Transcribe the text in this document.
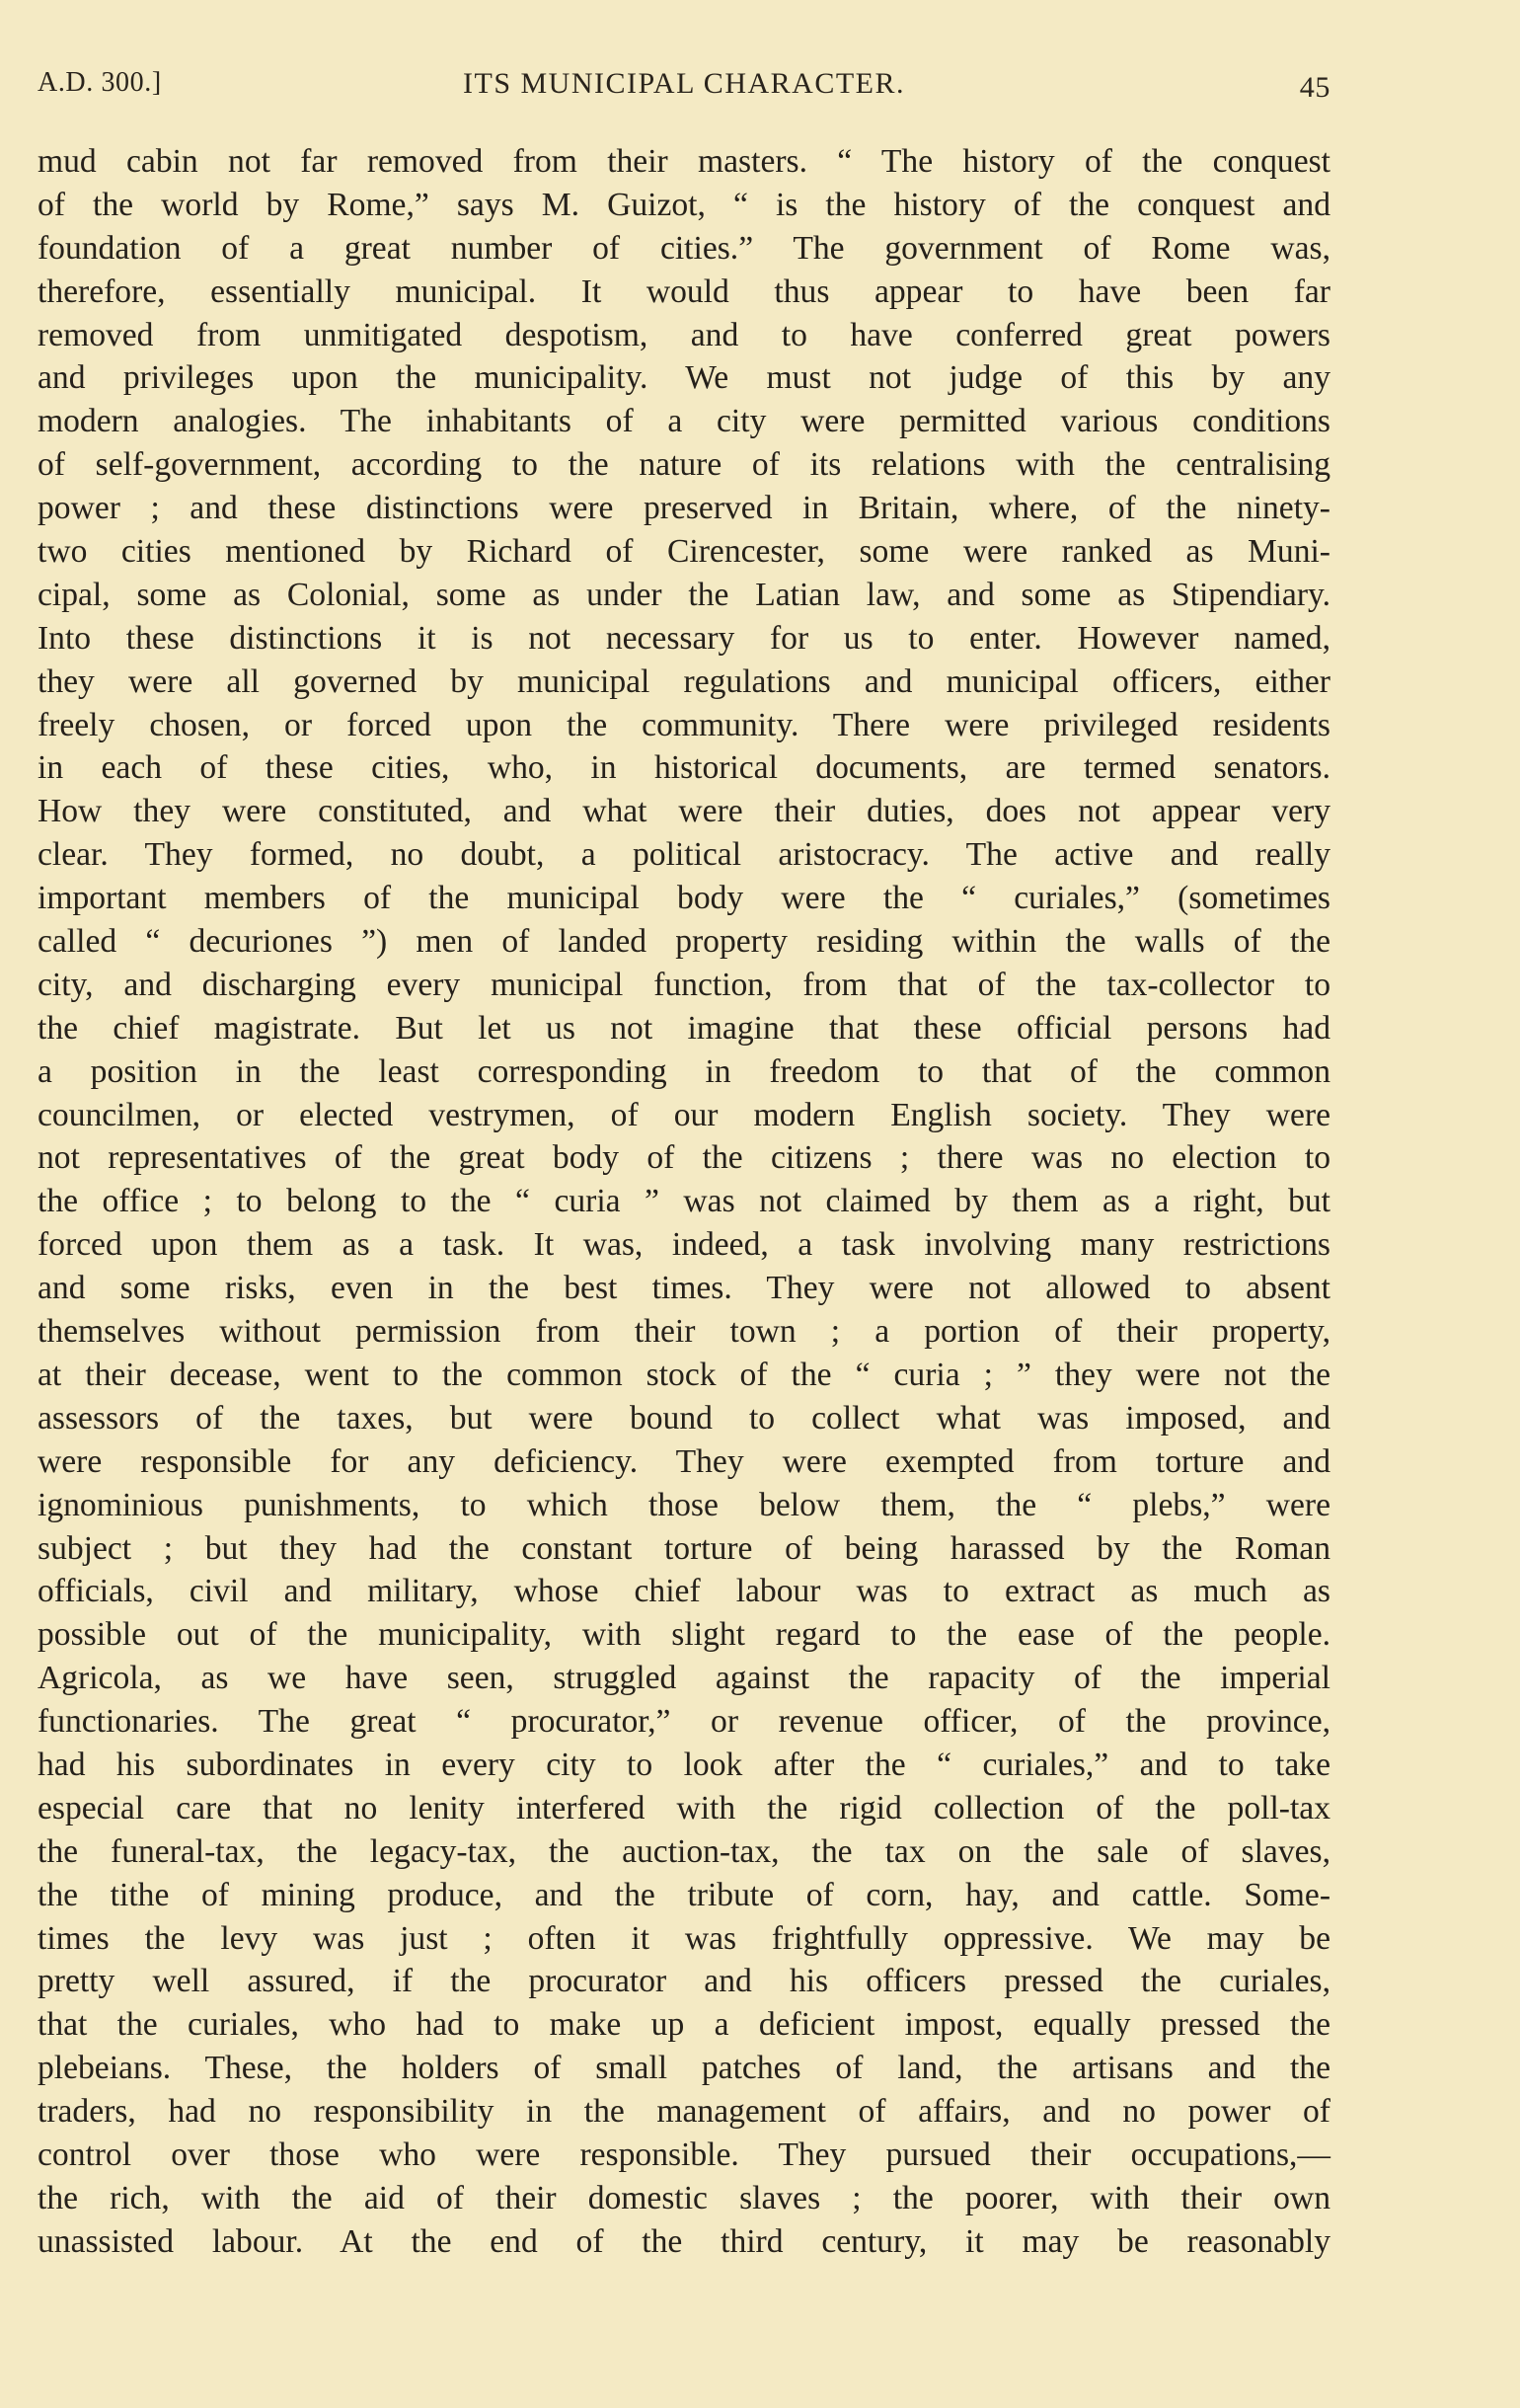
A.D. 300.]	ITS MUNICIPAL CHARACTER.	45
mud cabin not far removed from their masters. “ The history of the conquest
of the world by Rome,” says M. Guizot, “ is the history of the conquest and
foundation of a great number of cities.” The government of Rome was,
therefore, essentially municipal. It would thus appear to have been far
removed from unmitigated despotism, and to have conferred great powers
and privileges upon the municipality. We must not judge of this by any
modern analogies. The inhabitants of a city were permitted various conditions
of self-government, according to the nature of its relations with the centralising
power ; and these distinctions were preserved in Britain, where, of the ninety-
two cities mentioned by Richard of Cirencester, some were ranked as Muni-
cipal, some as Colonial, some as under the Latian law, and some as Stipendiary.
Into these distinctions it is not necessary for us to enter. However named,
they were all governed by municipal regulations and municipal officers, either
freely chosen, or forced upon the community. There were privileged residents
in each of these cities, who, in historical documents, are termed senators.
How they were constituted, and what were their duties, does not appear very
clear. They formed, no doubt, a political aristocracy. The active and really
important members of the municipal body were the “ curiales,” (sometimes
called “ decuriones ”) men of landed property residing within the walls of the
city, and discharging every municipal function, from that of the tax-collector to
the chief magistrate. But let us not imagine that these official persons had
a position in the least corresponding in freedom to that of the common
councilmen, or elected vestrymen, of our modern English society. They were
not representatives of the great body of the citizens ; there was no election to
the office ; to belong to the “ curia ” was not claimed by them as a right, but
forced upon them as a task. It was, indeed, a task involving many restrictions
and some risks, even in the best times. They were not allowed to absent
themselves without permission from their town ; a portion of their property,
at their decease, went to the common stock of the “ curia ; ” they were not the
assessors of the taxes, but were bound to collect what was imposed, and
were responsible for any deficiency. They were exempted from torture and
ignominious punishments, to which those below them, the “ plebs,” were
subject ; but they had the constant torture of being harassed by the Roman
officials, civil and military, whose chief labour was to extract as much as
possible out of the municipality, with slight regard to the ease of the people.
Agricola, as we have seen, struggled against the rapacity of the imperial
functionaries. The great “ procurator,” or revenue officer, of the province,
had his subordinates in every city to look after the “ curiales,” and to take
especial care that no lenity interfered with the rigid collection of the poll-tax
the funeral-tax, the legacy-tax, the auction-tax, the tax on the sale of slaves,
the tithe of mining produce, and the tribute of corn, hay, and cattle. Some-
times the levy was just ; often it was frightfully oppressive. We may be
pretty well assured, if the procurator and his officers pressed the curiales,
that the curiales, who had to make up a deficient impost, equally pressed the
plebeians. These, the holders of small patches of land, the artisans and the
traders, had no responsibility in the management of affairs, and no power of
control over those who were responsible. They pursued their occupations,—
the rich, with the aid of their domestic slaves ; the poorer, with their own
unassisted labour. At the end of the third century, it may be reasonably
